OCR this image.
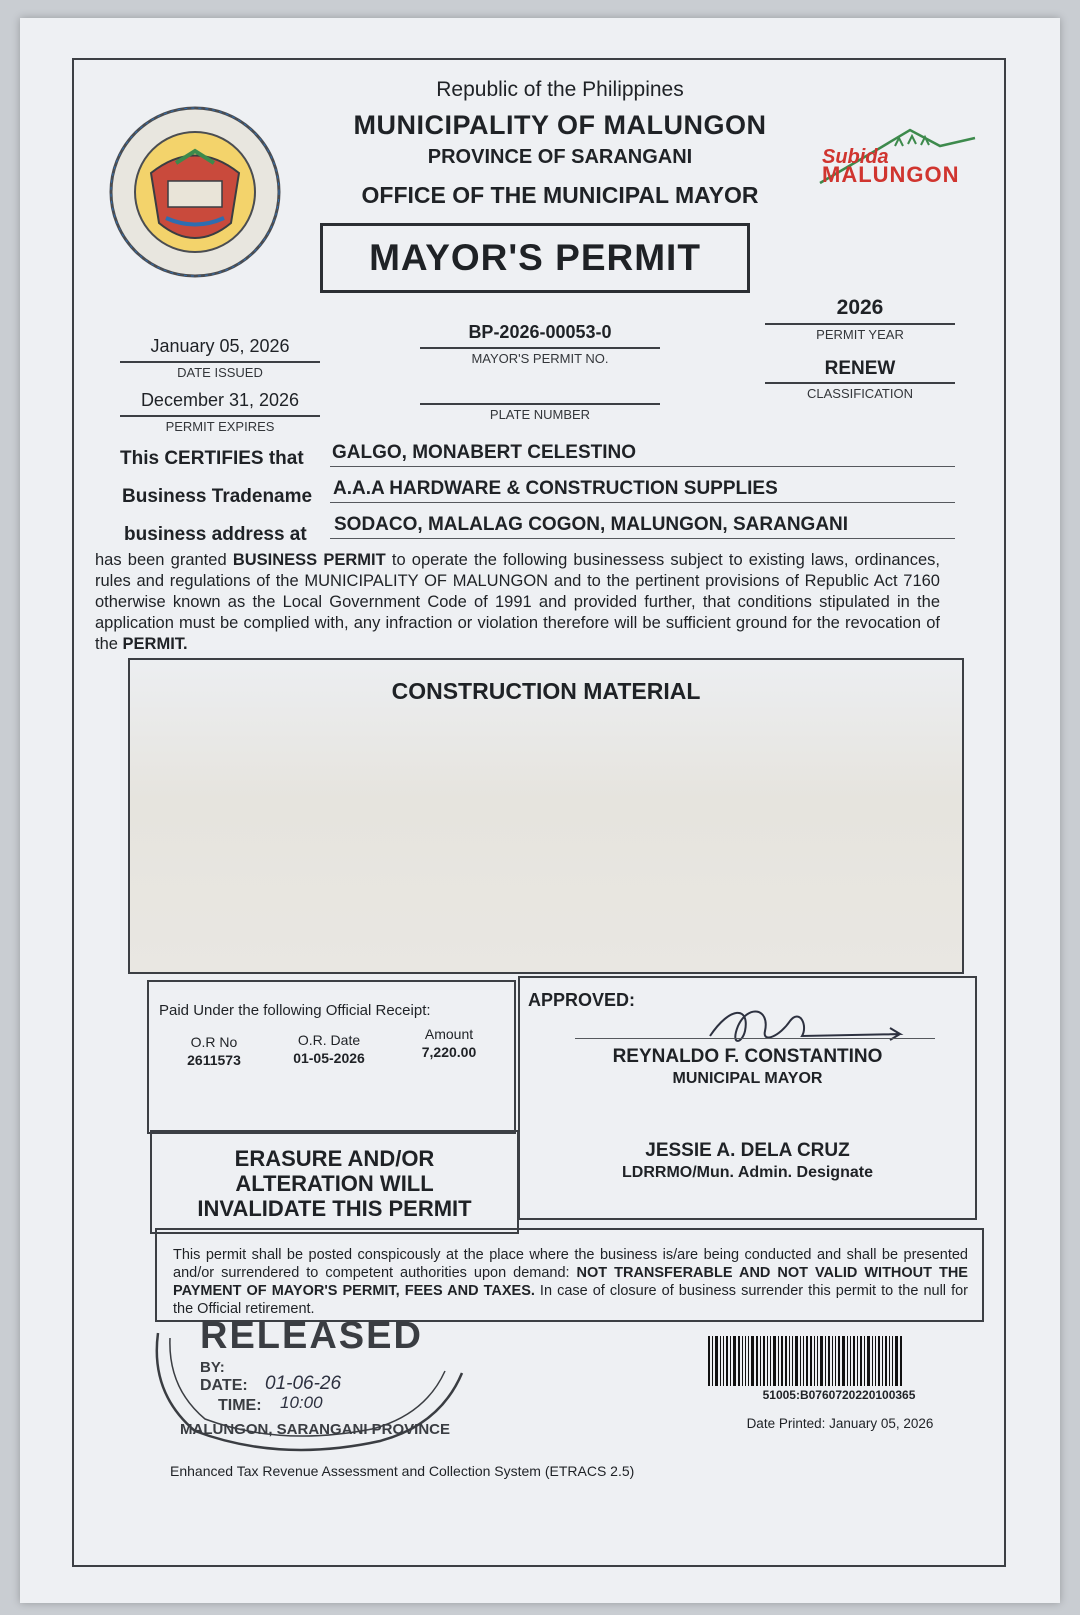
Republic of the Philippines
MUNICIPALITY OF MALUNGON
PROVINCE OF SARANGANI
OFFICE OF THE MUNICIPAL MAYOR
Subida
MALUNGON
MAYOR'S PERMIT
January 05, 2026
DATE ISSUED
December 31, 2026
PERMIT EXPIRES
BP-2026-00053-0
MAYOR'S PERMIT NO.
PLATE NUMBER
2026
PERMIT YEAR
RENEW
CLASSIFICATION
This CERTIFIES that GALGO, MONABERT CELESTINO
Business Tradename A.A.A HARDWARE & CONSTRUCTION SUPPLIES
business address at SODACO, MALALAG COGON, MALUNGON, SARANGANI
has been granted BUSINESS PERMIT to operate the following businessess subject to existing laws, ordinances, rules and regulations of the MUNICIPALITY OF MALUNGON and to the pertinent provisions of Republic Act 7160 otherwise known as the Local Government Code of 1991 and provided further, that conditions stipulated in the application must be complied with, any infraction or violation therefore will be sufficient ground for the revocation of the PERMIT.
CONSTRUCTION MATERIAL
Paid Under the following Official Receipt:
O.R No
2611573
O.R. Date
01-05-2026
Amount
7,220.00
APPROVED:
REYNALDO F. CONSTANTINO
MUNICIPAL MAYOR
JESSIE A. DELA CRUZ
LDRRMO/Mun. Admin. Designate
ERASURE AND/OR
ALTERATION WILL
INVALIDATE THIS PERMIT
This permit shall be posted conspicously at the place where the business is/are being conducted and shall be presented and/or surrendered to competent authorities upon demand: NOT TRANSFERABLE AND NOT VALID WITHOUT THE PAYMENT OF MAYOR'S PERMIT, FEES AND TAXES. In case of closure of business surrender this permit to the null for the Official retirement.
RELEASED
BY:
DATE: 01-06-26
TIME: 10:00
MALUNGON, SARANGANI PROVINCE
51005:B0760720220100365
Date Printed: January 05, 2026
Enhanced Tax Revenue Assessment and Collection System (ETRACS 2.5)
